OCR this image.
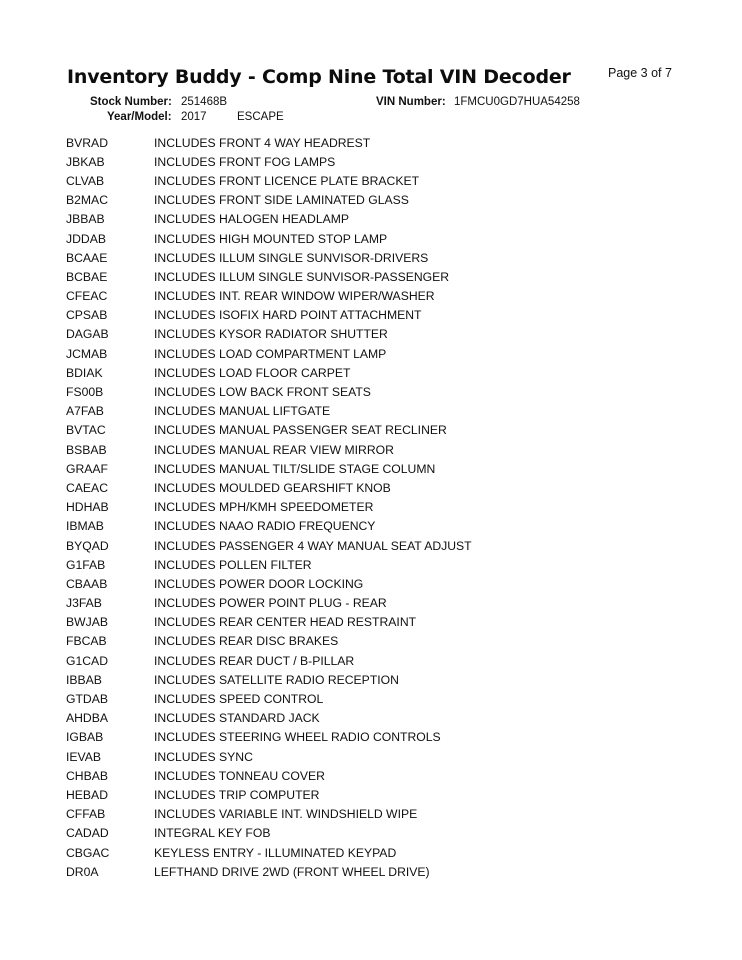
Inventory Buddy - Comp Nine Total VIN Decoder	Page 3 of 7
Stock Number: 251468B	VIN Number: 1FMCU0GD7HUA54258
Year/Model: 2017	ESCAPE
BVRAD	INCLUDES FRONT 4 WAY HEADREST
JBKAB	INCLUDES FRONT FOG LAMPS
CLVAB	INCLUDES FRONT LICENCE PLATE BRACKET
B2MAC	INCLUDES FRONT SIDE LAMINATED GLASS
JBBAB	INCLUDES HALOGEN HEADLAMP
JDDAB	INCLUDES HIGH MOUNTED STOP LAMP
BCAAE	INCLUDES ILLUM SINGLE SUNVISOR-DRIVERS
BCBAE	INCLUDES ILLUM SINGLE SUNVISOR-PASSENGER
CFEAC	INCLUDES INT. REAR WINDOW WIPER/WASHER
CPSAB	INCLUDES ISOFIX HARD POINT ATTACHMENT
DAGAB	INCLUDES KYSOR RADIATOR SHUTTER
JCMAB	INCLUDES LOAD COMPARTMENT LAMP
BDIAK	INCLUDES LOAD FLOOR CARPET
FS00B	INCLUDES LOW BACK FRONT SEATS
A7FAB	INCLUDES MANUAL LIFTGATE
BVTAC	INCLUDES MANUAL PASSENGER SEAT RECLINER
BSBAB	INCLUDES MANUAL REAR VIEW MIRROR
GRAAF	INCLUDES MANUAL TILT/SLIDE STAGE COLUMN
CAEAC	INCLUDES MOULDED GEARSHIFT KNOB
HDHAB	INCLUDES MPH/KMH SPEEDOMETER
IBMAB	INCLUDES NAAO RADIO FREQUENCY
BYQAD	INCLUDES PASSENGER 4 WAY MANUAL SEAT ADJUST
G1FAB	INCLUDES POLLEN FILTER
CBAAB	INCLUDES POWER DOOR LOCKING
J3FAB	INCLUDES POWER POINT PLUG - REAR
BWJAB	INCLUDES REAR CENTER HEAD RESTRAINT
FBCAB	INCLUDES REAR DISC BRAKES
G1CAD	INCLUDES REAR DUCT / B-PILLAR
IBBAB	INCLUDES SATELLITE RADIO RECEPTION
GTDAB	INCLUDES SPEED CONTROL
AHDBA	INCLUDES STANDARD JACK
IGBAB	INCLUDES STEERING WHEEL RADIO CONTROLS
IEVAB	INCLUDES SYNC
CHBAB	INCLUDES TONNEAU COVER
HEBAD	INCLUDES TRIP COMPUTER
CFFAB	INCLUDES VARIABLE INT. WINDSHIELD WIPE
CADAD	INTEGRAL KEY FOB
CBGAC	KEYLESS ENTRY - ILLUMINATED KEYPAD
DR0A	LEFTHAND DRIVE 2WD (FRONT WHEEL DRIVE)
